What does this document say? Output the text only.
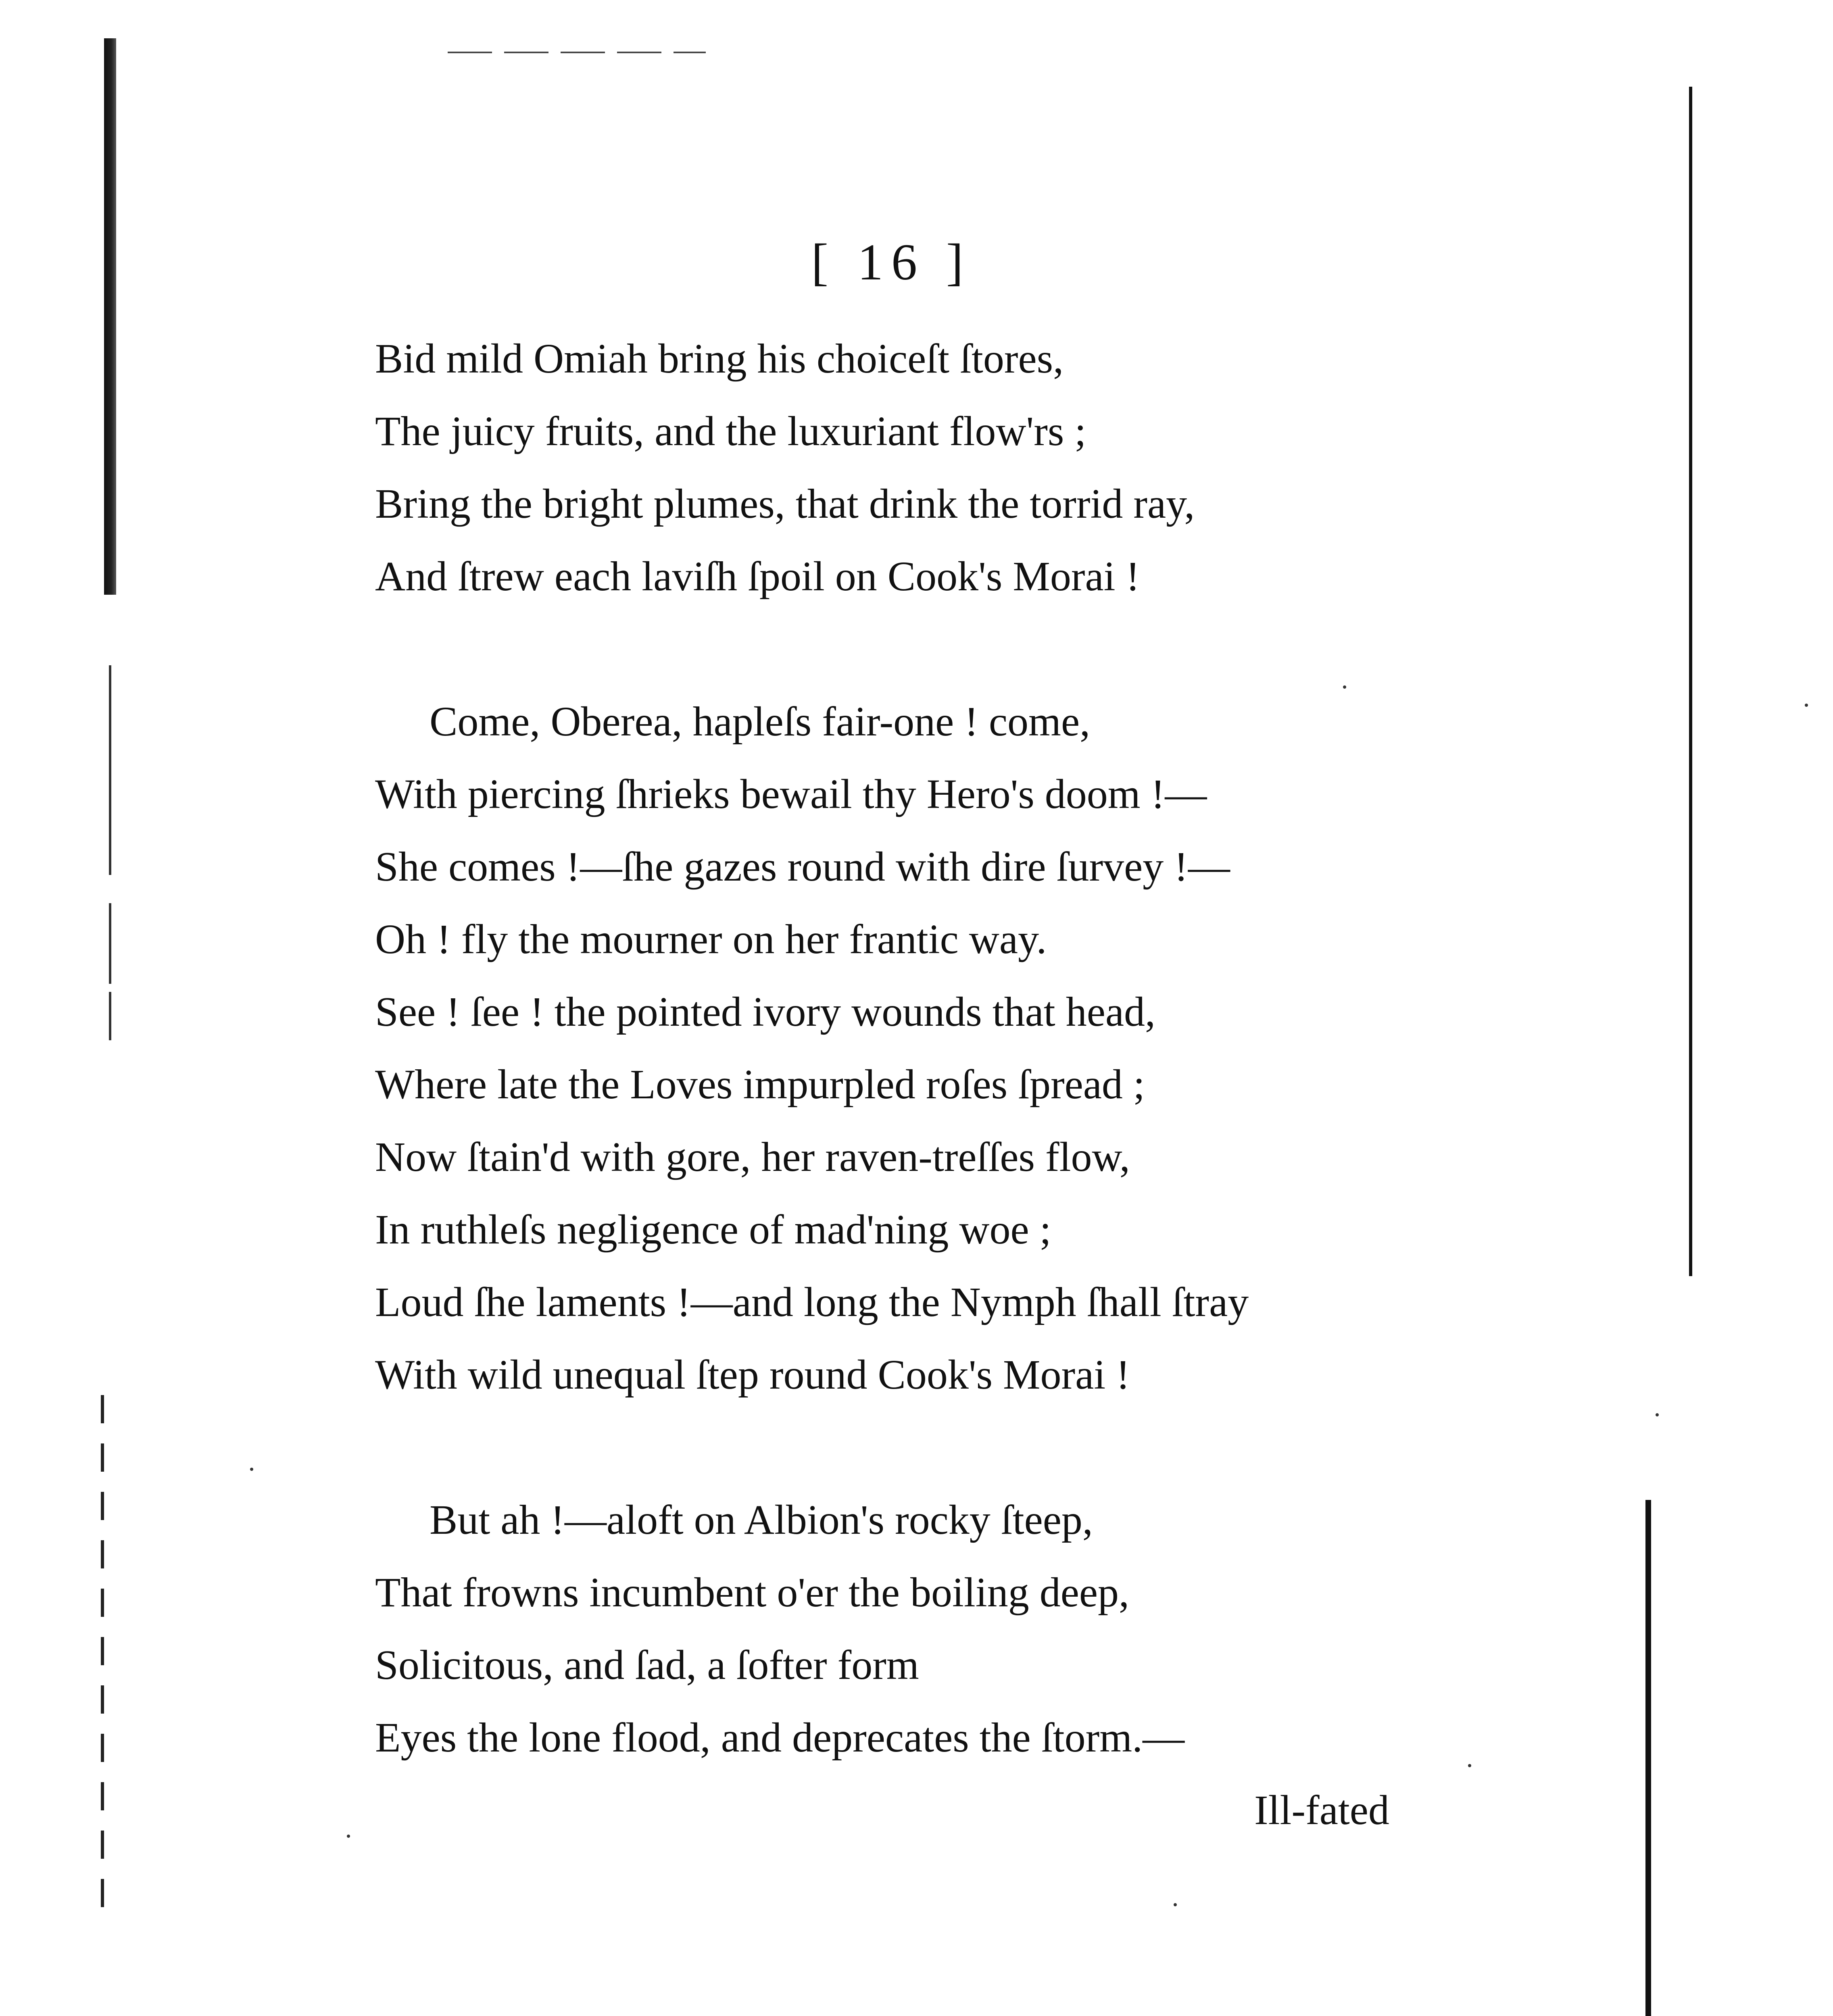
[ 16 ]
Bid mild Omiah bring his choiceſt ſtores,
The juicy fruits, and the luxuriant flow'rs ;
Bring the bright plumes, that drink the torrid ray,
And ſtrew each laviſh ſpoil on Cook's Morai !
Come, Oberea, hapleſs fair-one ! come,
With piercing ſhrieks bewail thy Hero's doom !—
She comes !—ſhe gazes round with dire ſurvey !—
Oh ! fly the mourner on her frantic way.
See ! ſee ! the pointed ivory wounds that head,
Where late the Loves impurpled roſes ſpread ;
Now ſtain'd with gore, her raven-treſſes flow,
In ruthleſs negligence of mad'ning woe ;
Loud ſhe laments !—and long the Nymph ſhall ſtray
With wild unequal ſtep round Cook's Morai !
But ah !—aloft on Albion's rocky ſteep,
That frowns incumbent o'er the boiling deep,
Solicitous, and ſad, a ſofter form
Eyes the lone flood, and deprecates the ſtorm.—
Ill-fated
